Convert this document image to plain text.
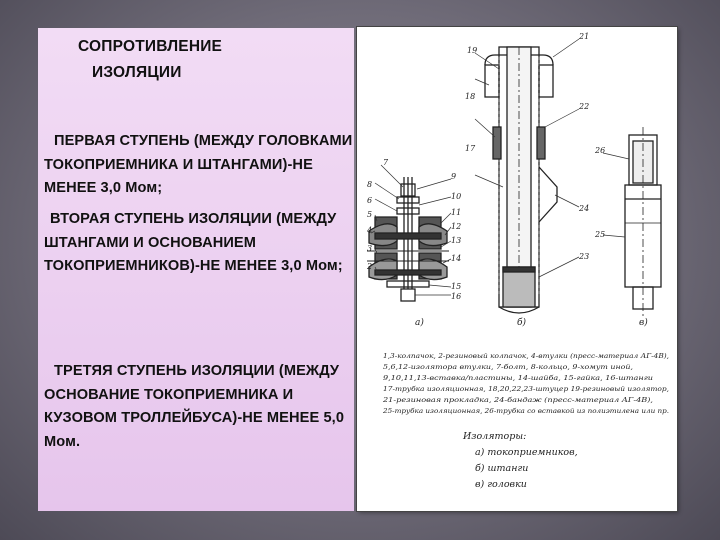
СОПРОТИВЛЕНИЕ
ИЗОЛЯЦИИ
ПЕРВАЯ СТУПЕНЬ (МЕЖДУ ГОЛОВКАМИ ТОКОПРИЕМНИКА И ШТАНГАМИ)-НЕ МЕНЕЕ 3,0 Мом;
ВТОРАЯ СТУПЕНЬ ИЗОЛЯЦИИ (МЕЖДУ ШТАНГАМИ И ОСНОВАНИЕМ ТОКОПРИЕМНИКОВ)-НЕ МЕНЕЕ 3,0 Мом;
ТРЕТЯЯ СТУПЕНЬ ИЗОЛЯЦИИ (МЕЖДУ ОСНОВАНИЕ ТОКОПРИЕМНИКА И КУЗОВОМ ТРОЛЛЕЙБУСА)-НЕ МЕНЕЕ 5,0 Мом.
21
19
18
22
17	26
7
8
6
5
4
3
2
9
10
11
12
13
14
15
16
23
25
24
а)	б)	в)
1,3-колпачок, 2-резиновый колпачок, 4-втулки (пресс-материал АГ-4В),
5,6,12-изолятора втулки, 7-болт, 8-кольцо, 9-хомут иной,
9,10,11,13-вставка/пластины, 14-шайба, 15-гайка, 16-штанги
17-трубка изоляционная, 18,20,22,23-штуцер 19-резиновый изолятор,
21-резиновая прокладка, 24-бандаж (пресс-материал АГ-4В),
25-трубка изоляционная, 26-трубка со вставкой из полиэтилена или пр.
Изоляторы:
а) токоприемников,
б) штанги
в) головки
